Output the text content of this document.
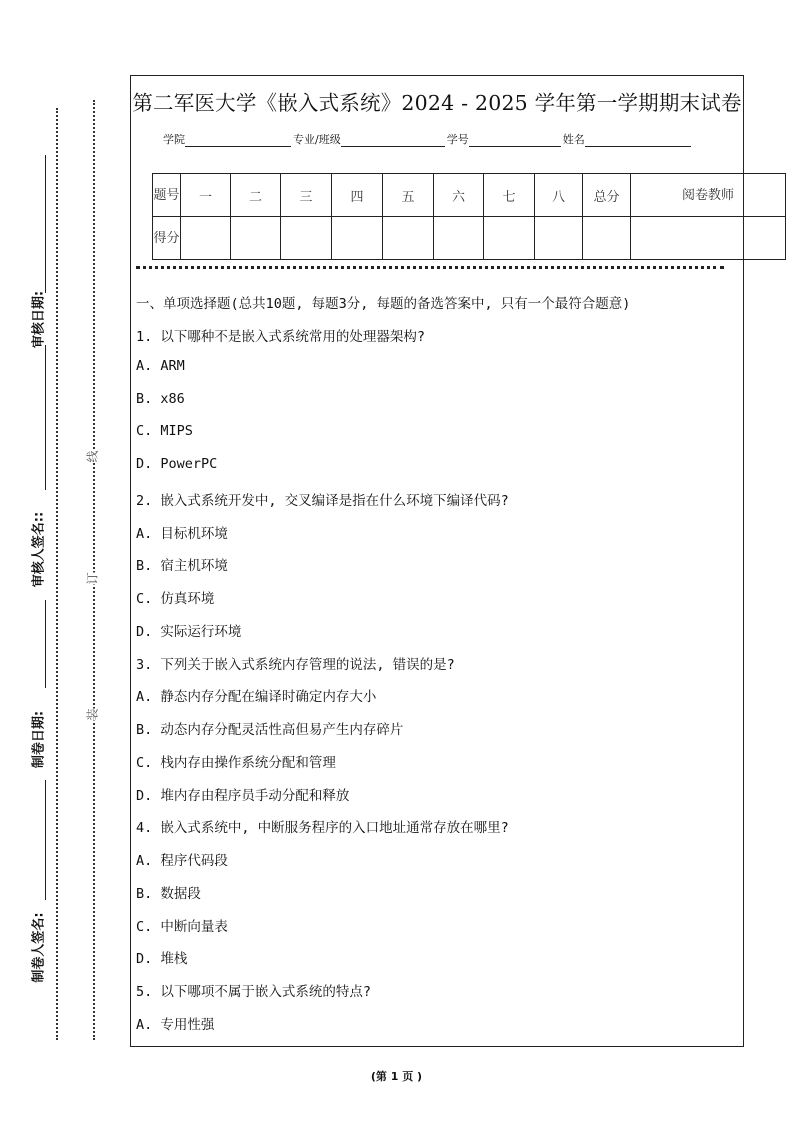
审核日期:
审核人签名::
制卷日期:
制卷人签名:
线
订
装
第二军医大学《嵌入式系统》2024 - 2025 学年第一学期期末试卷
学院	专业/班级	学号	姓名
题号	一	二	三	四	五	六	七	八	总分	阅卷教师
得分										
一、单项选择题(总共10题, 每题3分, 每题的备选答案中, 只有一个最符合题意)
1. 以下哪种不是嵌入式系统常用的处理器架构?
A. ARM
B. x86
C. MIPS
D. PowerPC
2. 嵌入式系统开发中, 交叉编译是指在什么环境下编译代码?
A. 目标机环境
B. 宿主机环境
C. 仿真环境
D. 实际运行环境
3. 下列关于嵌入式系统内存管理的说法, 错误的是?
A. 静态内存分配在编译时确定内存大小
B. 动态内存分配灵活性高但易产生内存碎片
C. 栈内存由操作系统分配和管理
D. 堆内存由程序员手动分配和释放
4. 嵌入式系统中, 中断服务程序的入口地址通常存放在哪里?
A. 程序代码段
B. 数据段
C. 中断向量表
D. 堆栈
5. 以下哪项不属于嵌入式系统的特点?
A. 专用性强
(第 1 页 )
